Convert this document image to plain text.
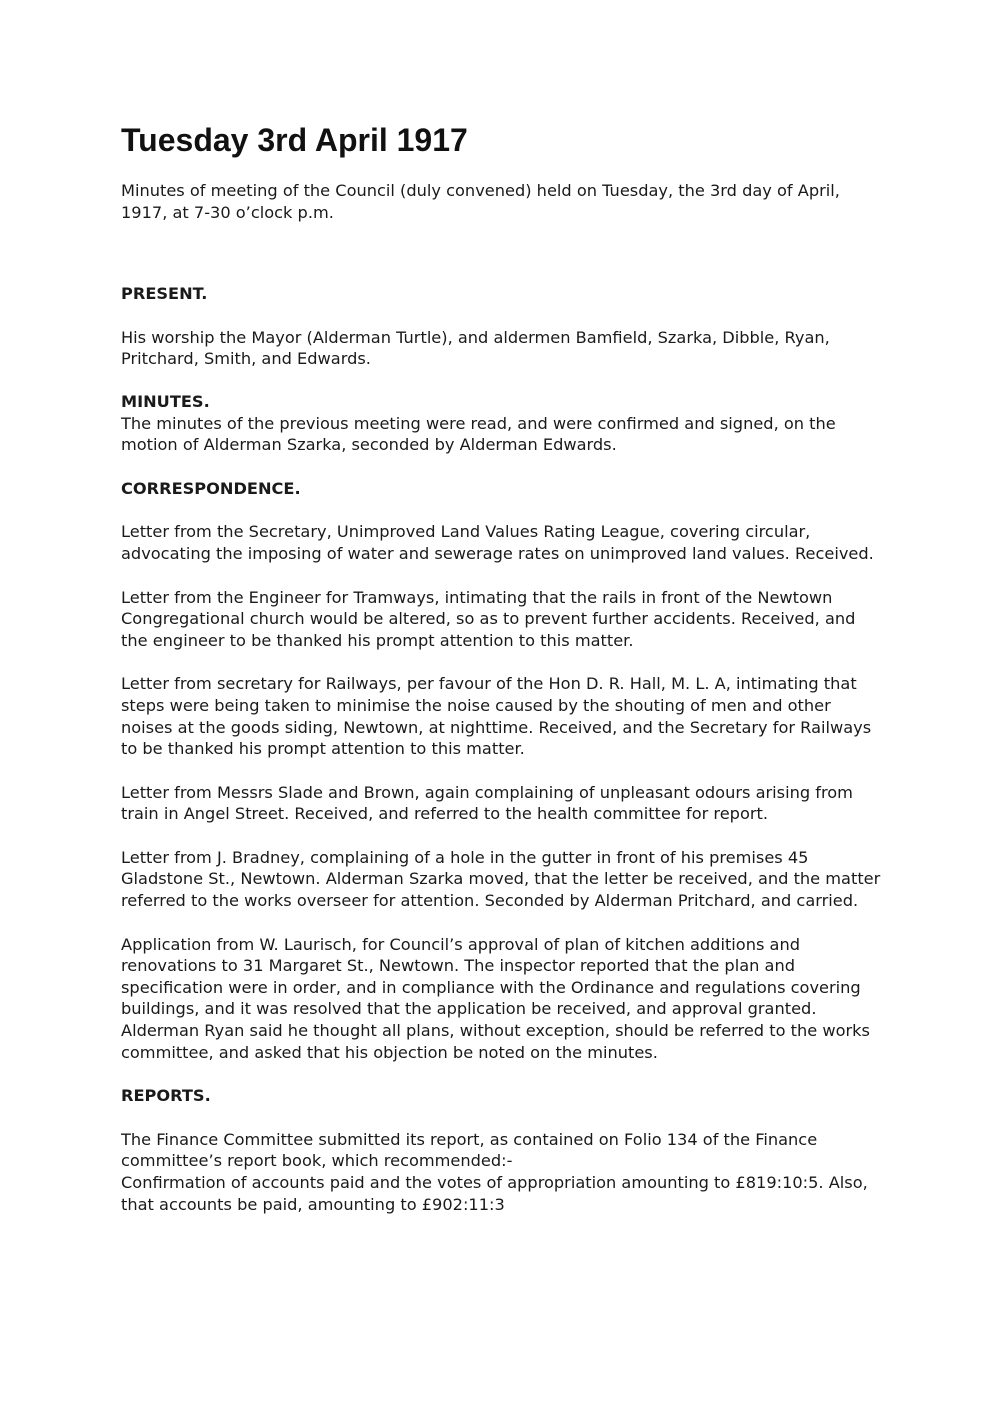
Tuesday 3rd April 1917

Minutes of meeting of the Council (duly convened) held on Tuesday, the 3rd day of April, 1917, at 7-30 o’clock p.m.

PRESENT.

His worship the Mayor (Alderman Turtle), and aldermen Bamfield, Szarka, Dibble, Ryan, Pritchard, Smith, and Edwards.

MINUTES.

The minutes of the previous meeting were read, and were confirmed and signed, on the motion of Alderman Szarka, seconded by Alderman Edwards.

CORRESPONDENCE.

Letter from the Secretary, Unimproved Land Values Rating League, covering circular, advocating the imposing of water and sewerage rates on unimproved land values. Received.

Letter from the Engineer for Tramways, intimating that the rails in front of the Newtown Congregational church would be altered, so as to prevent further accidents. Received, and the engineer to be thanked his prompt attention to this matter.

Letter from secretary for Railways, per favour of the Hon D. R. Hall, M. L. A, intimating that steps were being taken to minimise the noise caused by the shouting of men and other noises at the goods siding, Newtown, at nighttime. Received, and the Secretary for Railways to be thanked his prompt attention to this matter.

Letter from Messrs Slade and Brown, again complaining of unpleasant odours arising from train in Angel Street. Received, and referred to the health committee for report.

Letter from J. Bradney, complaining of a hole in the gutter in front of his premises 45 Gladstone St., Newtown. Alderman Szarka moved, that the letter be received, and the matter referred to the works overseer for attention. Seconded by Alderman Pritchard, and carried.

Application from W. Laurisch, for Council’s approval of plan of kitchen additions and renovations to 31 Margaret St., Newtown. The inspector reported that the plan and specification were in order, and in compliance with the Ordinance and regulations covering buildings, and it was resolved that the application be received, and approval granted. Alderman Ryan said he thought all plans, without exception, should be referred to the works committee, and asked that his objection be noted on the minutes.

REPORTS.

The Finance Committee submitted its report, as contained on Folio 134 of the Finance committee’s report book, which recommended:-

Confirmation of accounts paid and the votes of appropriation amounting to £819:10:5. Also, that accounts be paid, amounting to £902:11:3
